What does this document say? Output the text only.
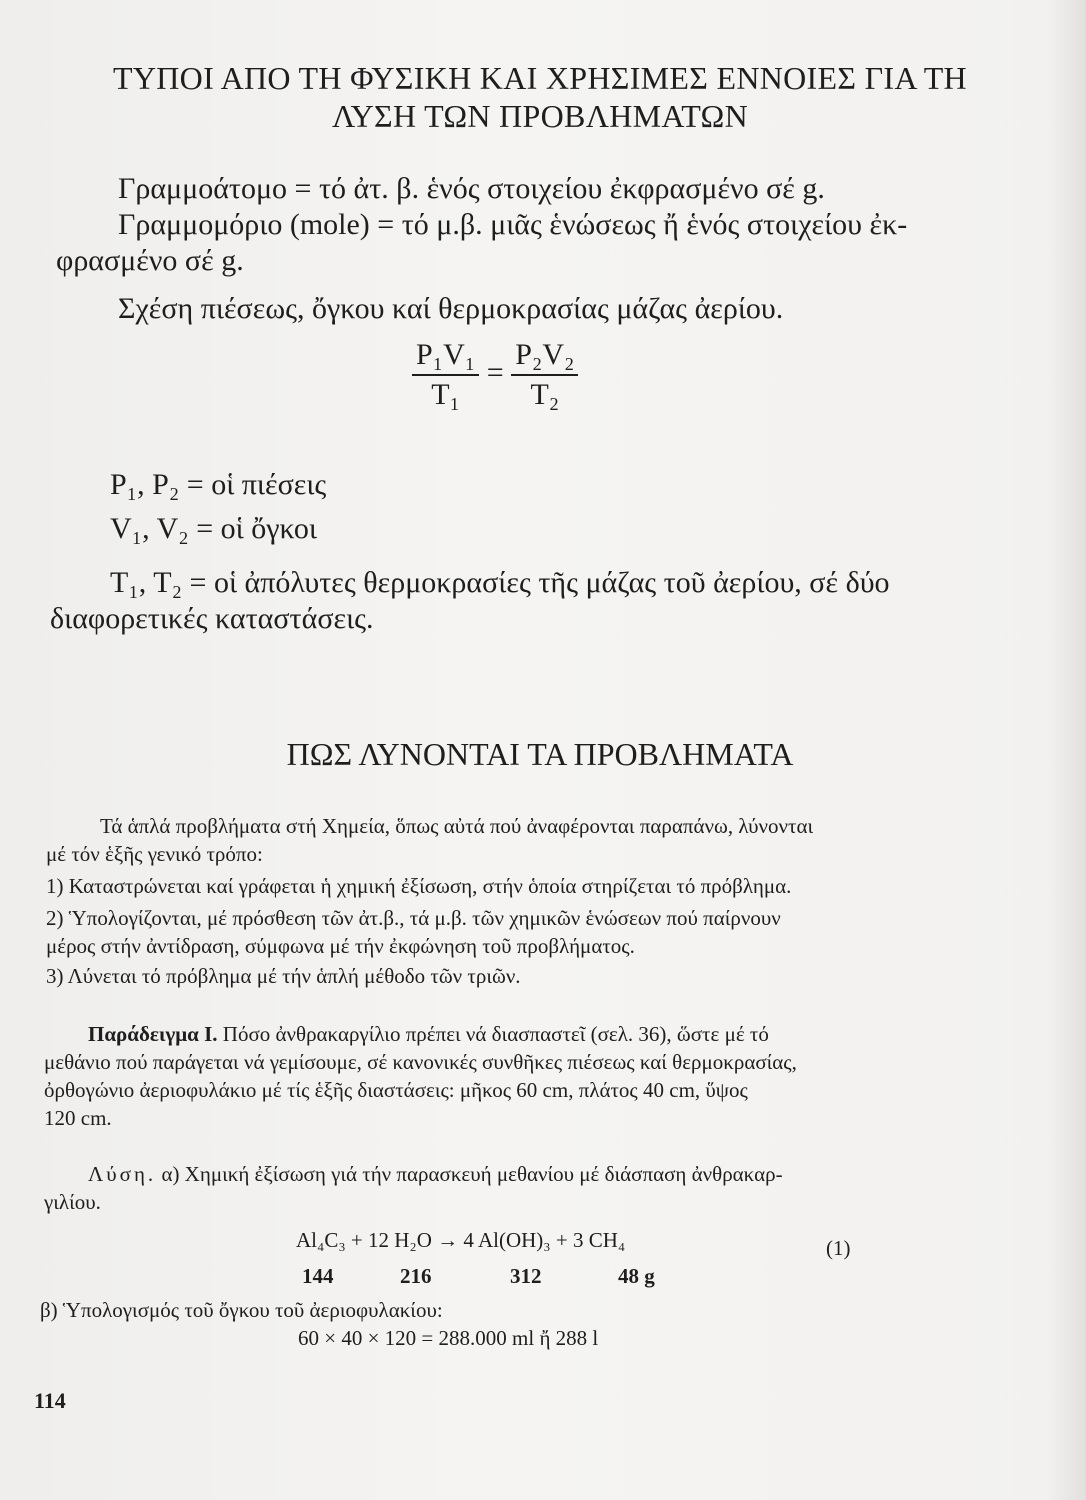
ΤΥΠΟΙ ΑΠΟ ΤΗ ΦΥΣΙΚΗ ΚΑΙ ΧΡΗΣΙΜΕΣ ΕΝΝΟΙΕΣ ΓΙΑ ΤΗ
ΛΥΣΗ ΤΩΝ ΠΡΟΒΛΗΜΑΤΩΝ
Γραμμοάτομο = τό ἀτ. β. ἑνός στοιχείου ἐκφρασμένο σέ g.
Γραμμομόριο (mole) = τό μ.β. μιᾶς ἑνώσεως ἤ ἑνός στοιχείου ἐκ-
φρασμένο σέ g.
Σχέση πιέσεως, ὄγκου καί θερμοκρασίας μάζας ἀερίου.
$\frac{\text{P₁V₁}}{\text{T₁}} = \frac{\text{P₂V₂}}{\text{T₂}}$
P₁, P₂ = οἱ πιέσεις
V₁, V₂ = οἱ ὄγκοι
T₁, T₂ = οἱ ἀπόλυτες θερμοκρασίες τῆς μάζας τοῦ ἀερίου, σέ δύο
διαφορετικές καταστάσεις.
ΠΩΣ ΛΥΝΟΝΤΑΙ ΤΑ ΠΡΟΒΛΗΜΑΤΑ
Τά ἁπλά προβλήματα στή Χημεία, ὅπως αὐτά πού ἀναφέρονται παραπάνω, λύνονται
μέ τόν ἑξῆς γενικό τρόπο:
1) Καταστρώνεται καί γράφεται ἡ χημική ἐξίσωση, στήν ὁποία στηρίζεται τό πρόβλημα.
2) Ὑπολογίζονται, μέ πρόσθεση τῶν ἀτ.β., τά μ.β. τῶν χημικῶν ἑνώσεων πού παίρνουν
μέρος στήν ἀντίδραση, σύμφωνα μέ τήν ἐκφώνηση τοῦ προβλήματος.
3) Λύνεται τό πρόβλημα μέ τήν ἁπλή μέθοδο τῶν τριῶν.
Παράδειγμα Ι. Πόσο ἀνθρακαργίλιο πρέπει νά διασπαστεῖ (σελ. 36), ὥστε μέ τό
μεθάνιο πού παράγεται νά γεμίσουμε, σέ κανονικές συνθῆκες πιέσεως καί θερμοκρασίας,
ὀρθογώνιο ἀεριοφυλάκιο μέ τίς ἑξῆς διαστάσεις: μῆκος 60 cm, πλάτος 40 cm, ὕψος
120 cm.
Λύση. α) Χημική ἐξίσωση γιά τήν παρασκευή μεθανίου μέ διάσπαση ἀνθρακαρ-
γιλίου.
Al₄C₃ + 12 H₂O → 4 Al(OH)₃ + 3 CH₄	(1)
144	216	312	48 g
β) Ὑπολογισμός τοῦ ὄγκου τοῦ ἀεριοφυλακίου:
60 × 40 × 120 = 288.000 ml ἤ 288 l
114
